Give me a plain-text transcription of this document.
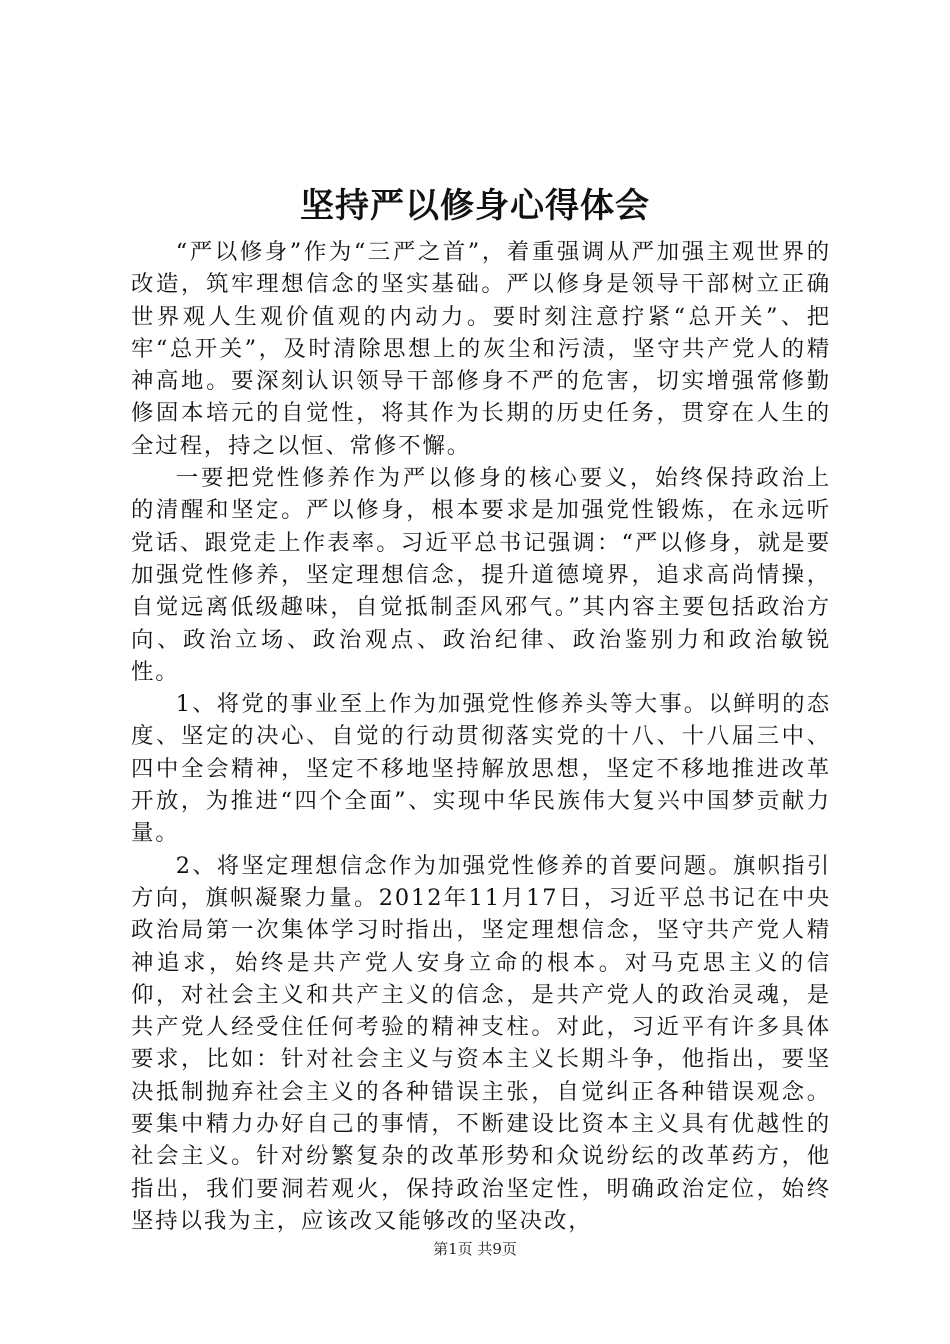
坚持严以修身心得体会

“严以修身”作为“三严之首”，着重强调从严加强主观世界的改造，筑牢理想信念的坚实基础。严以修身是领导干部树立正确世界观人生观价值观的内动力。要时刻注意拧紧“总开关”、把牢“总开关”，及时清除思想上的灰尘和污渍，坚守共产党人的精神高地。要深刻认识领导干部修身不严的危害，切实增强常修勤修固本培元的自觉性，将其作为长期的历史任务，贯穿在人生的全过程，持之以恒、常修不懈。

一要把党性修养作为严以修身的核心要义，始终保持政治上的清醒和坚定。严以修身，根本要求是加强党性锻炼，在永远听党话、跟党走上作表率。习近平总书记强调：“严以修身，就是要加强党性修养，坚定理想信念，提升道德境界，追求高尚情操，自觉远离低级趣味，自觉抵制歪风邪气。”其内容主要包括政治方向、政治立场、政治观点、政治纪律、政治鉴别力和政治敏锐性。

1、将党的事业至上作为加强党性修养头等大事。以鲜明的态度、坚定的决心、自觉的行动贯彻落实党的十八、十八届三中、四中全会精神，坚定不移地坚持解放思想，坚定不移地推进改革开放，为推进“四个全面”、实现中华民族伟大复兴中国梦贡献力量。

2、将坚定理想信念作为加强党性修养的首要问题。旗帜指引方向，旗帜凝聚力量。2012年11月17日，习近平总书记在中央政治局第一次集体学习时指出，坚定理想信念，坚守共产党人精神追求，始终是共产党人安身立命的根本。对马克思主义的信仰，对社会主义和共产主义的信念，是共产党人的政治灵魂，是共产党人经受住任何考验的精神支柱。对此，习近平有许多具体要求，比如：针对社会主义与资本主义长期斗争，他指出，要坚决抵制抛弃社会主义的各种错误主张，自觉纠正各种错误观念。要集中精力办好自己的事情，不断建设比资本主义具有优越性的社会主义。针对纷繁复杂的改革形势和众说纷纭的改革药方，他指出，我们要洞若观火，保持政治坚定性，明确政治定位，始终坚持以我为主，应该改又能够改的坚决改，

第1页 共9页
